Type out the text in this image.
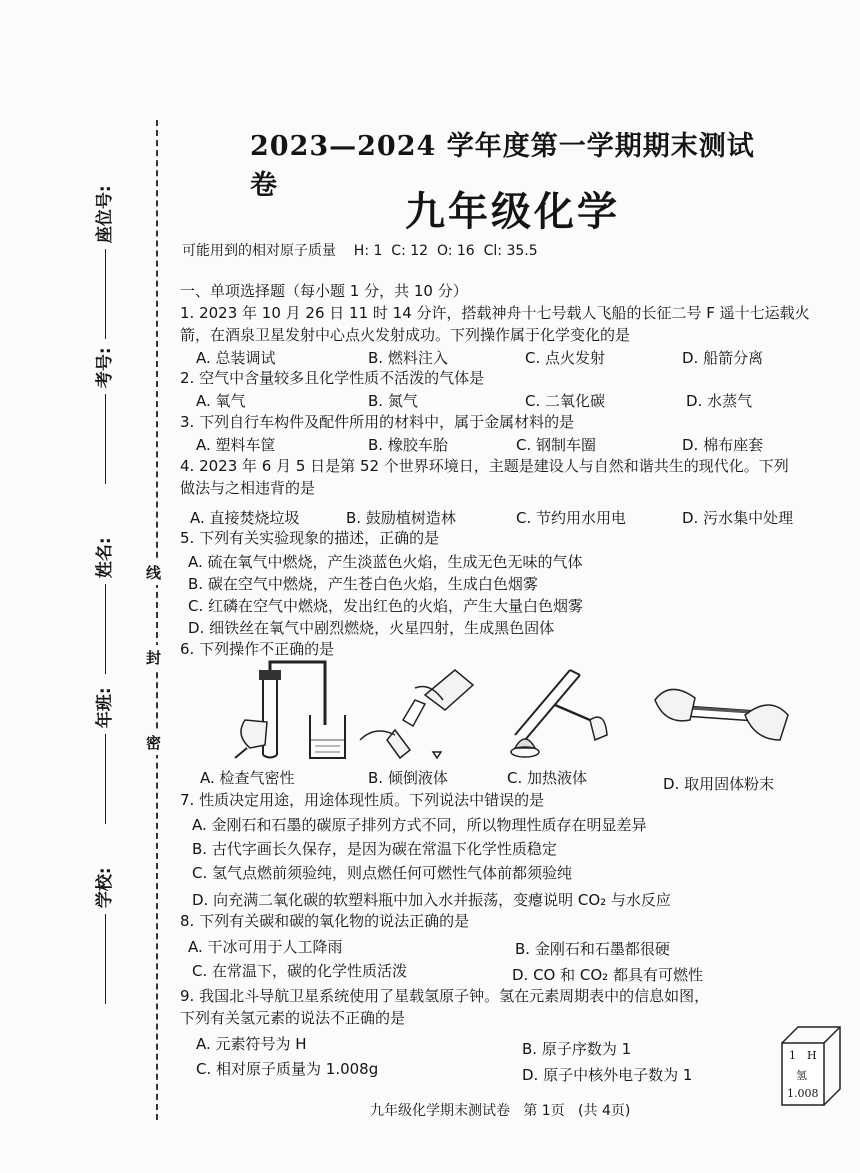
座位号:
考号:
姓名:
年班:
学校:
线
封
密
2023—2024 学年度第一学期期末测试卷
九年级化学
可能用到的相对原子质量    H: 1  C: 12  O: 16  Cl: 35.5
一、单项选择题（每小题 1 分，共 10 分）
1. 2023 年 10 月 26 日 11 时 14 分许，搭载神舟十七号载人飞船的长征二号 F 遥十七运载火
箭，在酒泉卫星发射中心点火发射成功。下列操作属于化学变化的是
A. 总装调试	B. 燃料注入	C. 点火发射	D. 船箭分离
2. 空气中含量较多且化学性质不活泼的气体是
A. 氧气	B. 氮气	C. 二氧化碳	D. 水蒸气
3. 下列自行车构件及配件所用的材料中，属于金属材料的是
A. 塑料车筐	B. 橡胶车胎	C. 钢制车圈	D. 棉布座套
4. 2023 年 6 月 5 日是第 52 个世界环境日，主题是建设人与自然和谐共生的现代化。下列
做法与之相违背的是
A. 直接焚烧垃圾	B. 鼓励植树造林	C. 节约用水用电	D. 污水集中处理
5. 下列有关实验现象的描述，正确的是
A. 硫在氧气中燃烧，产生淡蓝色火焰，生成无色无味的气体
B. 碳在空气中燃烧，产生苍白色火焰，生成白色烟雾
C. 红磷在空气中燃烧，发出红色的火焰，产生大量白色烟雾
D. 细铁丝在氧气中剧烈燃烧，火星四射，生成黑色固体
6. 下列操作不正确的是
A. 检查气密性	B. 倾倒液体	C. 加热液体	D. 取用固体粉末
7. 性质决定用途，用途体现性质。下列说法中错误的是
A. 金刚石和石墨的碳原子排列方式不同，所以物理性质存在明显差异
B. 古代字画长久保存，是因为碳在常温下化学性质稳定
C. 氢气点燃前须验纯，则点燃任何可燃性气体前都须验纯
D. 向充满二氧化碳的软塑料瓶中加入水并振荡，变瘪说明 CO₂ 与水反应
8. 下列有关碳和碳的氧化物的说法正确的是
A. 干冰可用于人工降雨	B. 金刚石和石墨都很硬
C. 在常温下，碳的化学性质活泼	D. CO 和 CO₂ 都具有可燃性
9. 我国北斗导航卫星系统使用了星载氢原子钟。氢在元素周期表中的信息如图，
下列有关氢元素的说法不正确的是
A. 元素符号为 H	B. 原子序数为 1
C. 相对原子质量为 1.008g	D. 原子中核外电子数为 1
1 H
氢
1.008
九年级化学期末测试卷   第 1页   (共 4页)
